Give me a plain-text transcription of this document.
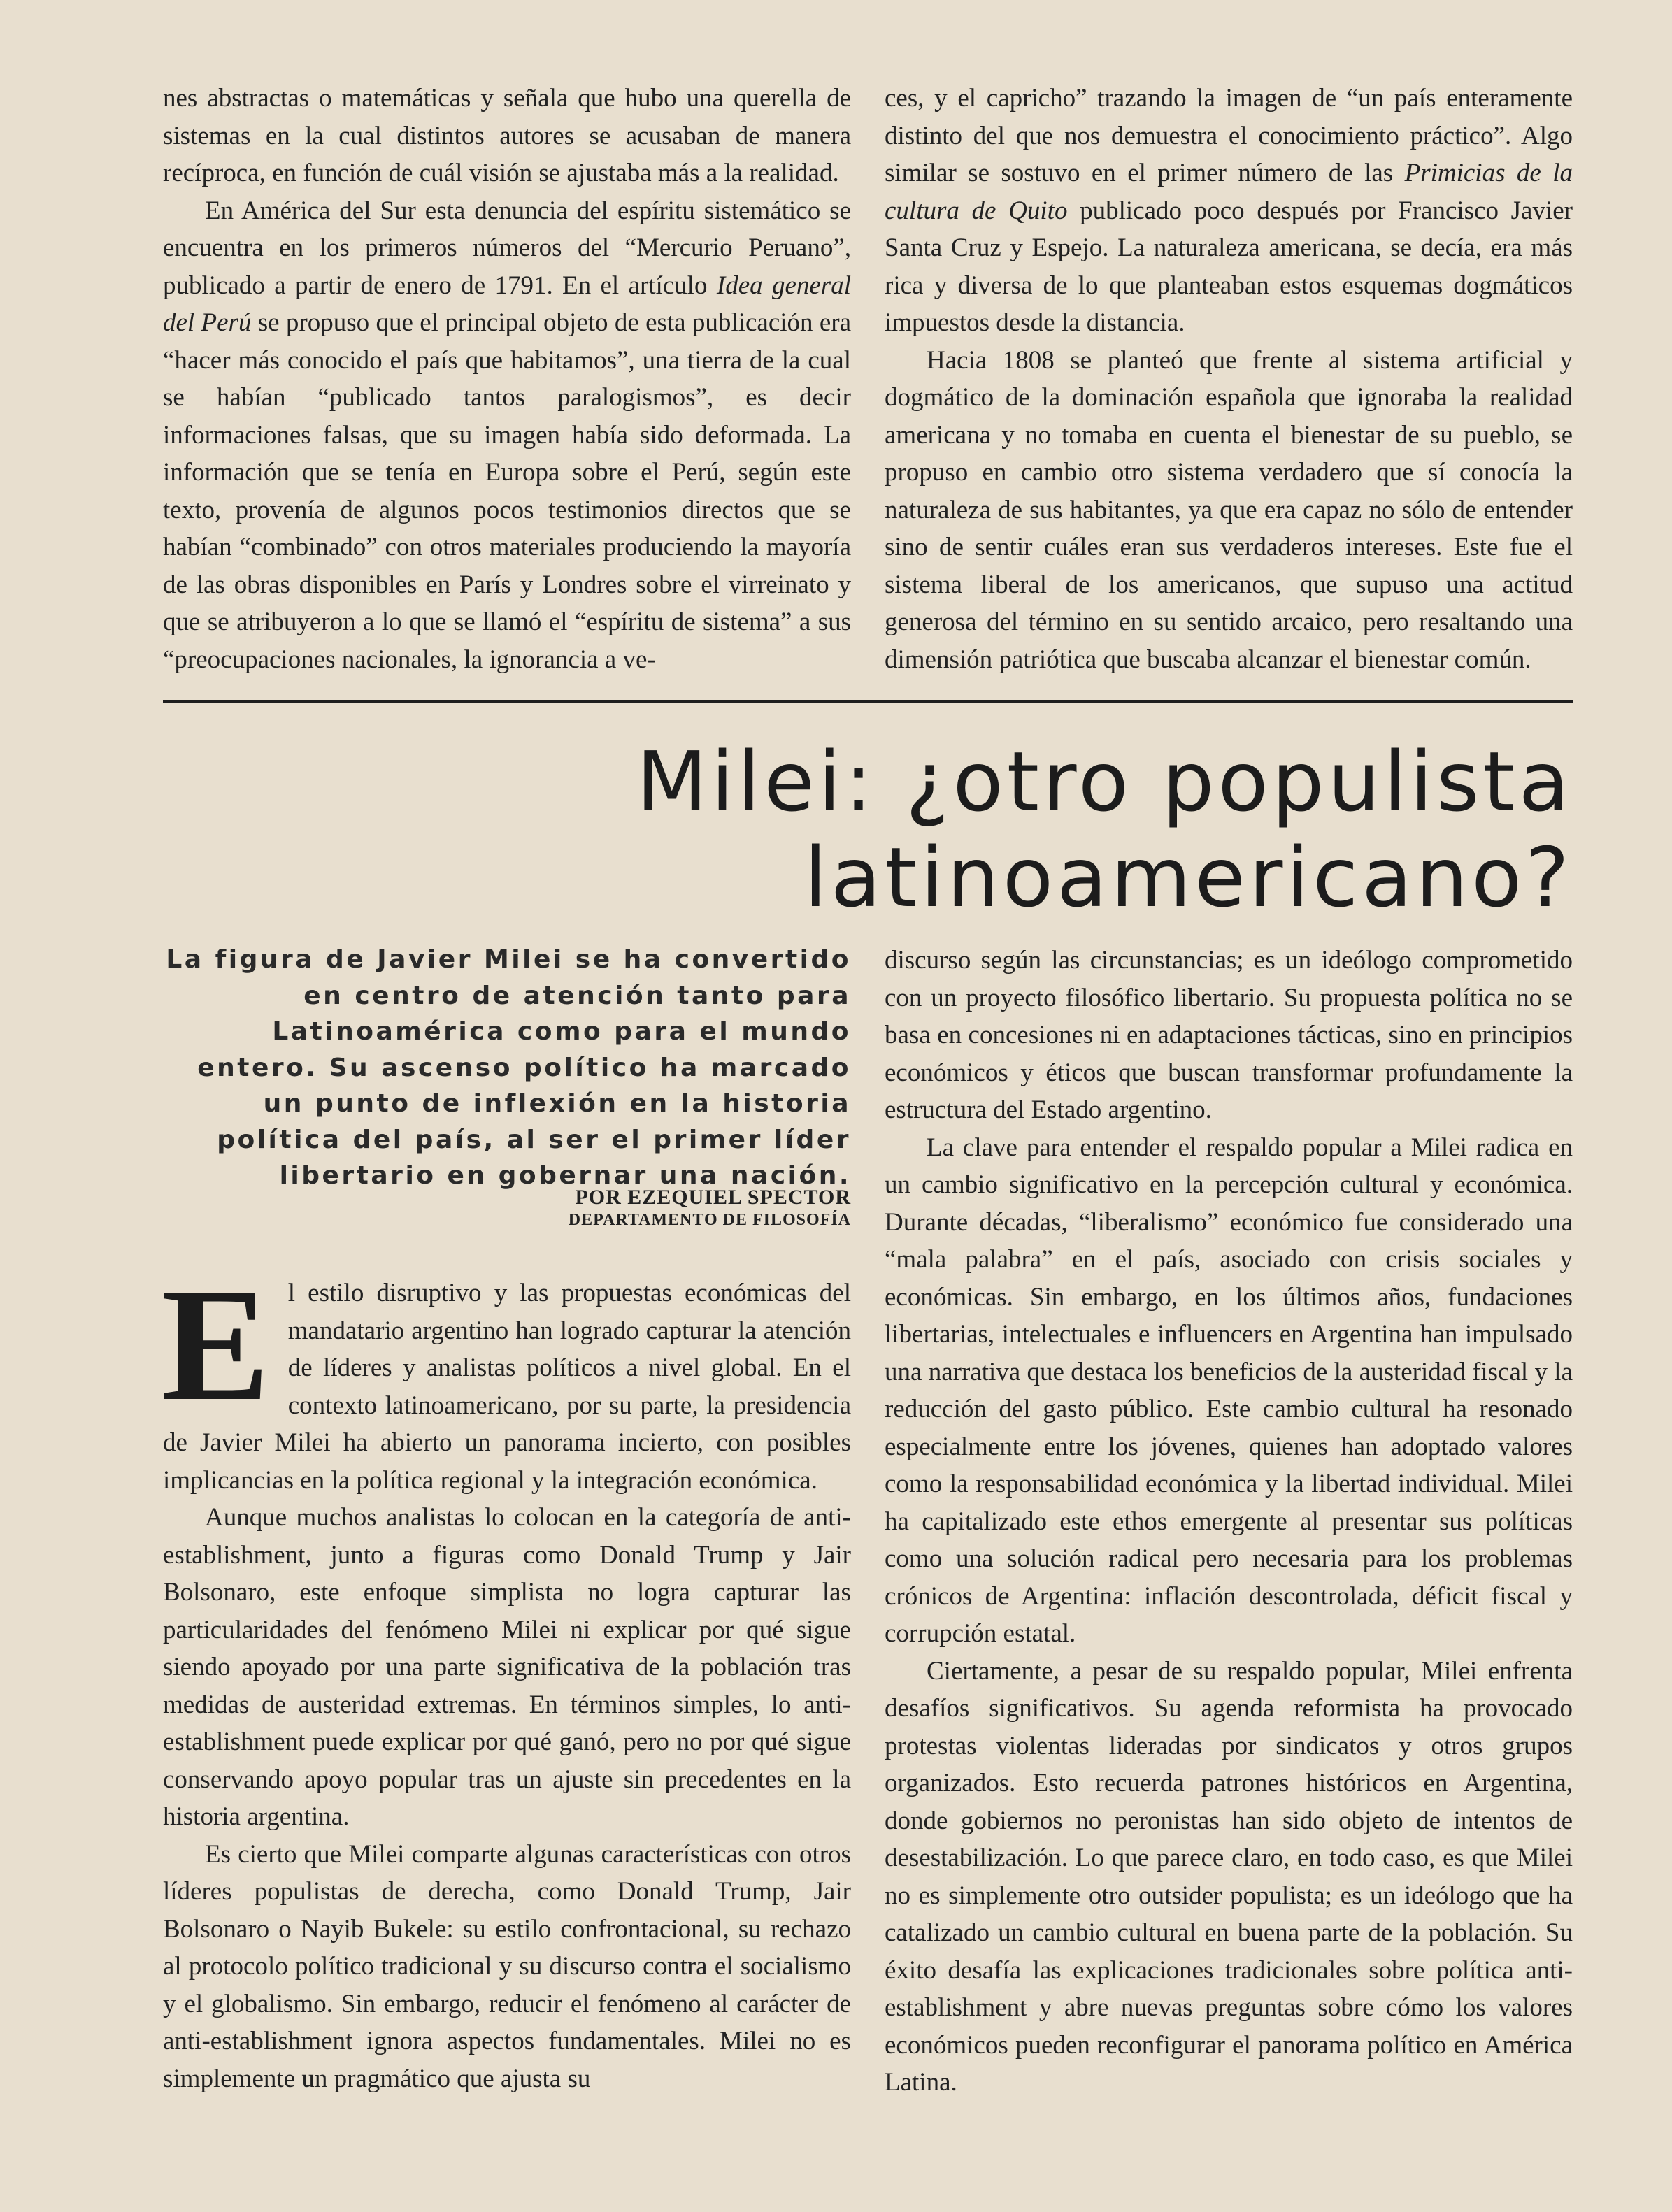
nes abstractas o matemáticas y señala que hubo una querella de sistemas en la cual distintos autores se acusaban de manera recíproca, en función de cuál visión se ajustaba más a la realidad.

En América del Sur esta denuncia del espíritu sistemático se encuentra en los primeros números del “Mercurio Peruano”, publicado a partir de enero de 1791. En el artículo Idea general del Perú se propuso que el principal objeto de esta publicación era “hacer más conocido el país que habitamos”, una tierra de la cual se habían “publicado tantos paralogismos”, es decir informaciones falsas, que su imagen había sido deformada. La información que se tenía en Europa sobre el Perú, según este texto, provenía de algunos pocos testimonios directos que se habían “combinado” con otros materiales produciendo la mayoría de las obras disponibles en París y Londres sobre el virreinato y que se atribuyeron a lo que se llamó el “espíritu de sistema” a sus “preocupaciones nacionales, la ignorancia a ve-

ces, y el capricho” trazando la imagen de “un país enteramente distinto del que nos demuestra el conocimiento práctico”. Algo similar se sostuvo en el primer número de las Primicias de la cultura de Quito publicado poco después por Francisco Javier Santa Cruz y Espejo. La naturaleza americana, se decía, era más rica y diversa de lo que planteaban estos esquemas dogmáticos impuestos desde la distancia.

Hacia 1808 se planteó que frente al sistema artificial y dogmático de la dominación española que ignoraba la realidad americana y no tomaba en cuenta el bienestar de su pueblo, se propuso en cambio otro sistema verdadero que sí conocía la naturaleza de sus habitantes, ya que era capaz no sólo de entender sino de sentir cuáles eran sus verdaderos intereses. Este fue el sistema liberal de los americanos, que supuso una actitud generosa del término en su sentido arcaico, pero resaltando una dimensión patriótica que buscaba alcanzar el bienestar común.

Milei: ¿otro populista
latinoamericano?
La figura de Javier Milei se ha convertido en centro de atención tanto para Latinoamérica como para el mundo entero. Su ascenso político ha marcado un punto de inflexión en la historia política del país, al ser el primer líder libertario en gobernar una nación.
POR EZEQUIEL SPECTOR
DEPARTAMENTO DE FILOSOFÍA

El estilo disruptivo y las propuestas económicas del mandatario argentino han logrado capturar la atención de líderes y analistas políticos a nivel global. En el contexto latinoamericano, por su parte, la presidencia de Javier Milei ha abierto un panorama incierto, con posibles implicancias en la política regional y la integración económica.

Aunque muchos analistas lo colocan en la categoría de anti-establishment, junto a figuras como Donald Trump y Jair Bolsonaro, este enfoque simplista no logra capturar las particularidades del fenómeno Milei ni explicar por qué sigue siendo apoyado por una parte significativa de la población tras medidas de austeridad extremas. En términos simples, lo anti-establishment puede explicar por qué ganó, pero no por qué sigue conservando apoyo popular tras un ajuste sin precedentes en la historia argentina.

Es cierto que Milei comparte algunas características con otros líderes populistas de derecha, como Donald Trump, Jair Bolsonaro o Nayib Bukele: su estilo confrontacional, su rechazo al protocolo político tradicional y su discurso contra el socialismo y el globalismo. Sin embargo, reducir el fenómeno al carácter de anti-establishment ignora aspectos fundamentales. Milei no es simplemente un pragmático que ajusta su

discurso según las circunstancias; es un ideólogo comprometido con un proyecto filosófico libertario. Su propuesta política no se basa en concesiones ni en adaptaciones tácticas, sino en principios económicos y éticos que buscan transformar profundamente la estructura del Estado argentino.

La clave para entender el respaldo popular a Milei radica en un cambio significativo en la percepción cultural y económica. Durante décadas, “liberalismo” económico fue considerado una “mala palabra” en el país, asociado con crisis sociales y económicas. Sin embargo, en los últimos años, fundaciones libertarias, intelectuales e influencers en Argentina han impulsado una narrativa que destaca los beneficios de la austeridad fiscal y la reducción del gasto público. Este cambio cultural ha resonado especialmente entre los jóvenes, quienes han adoptado valores como la responsabilidad económica y la libertad individual. Milei ha capitalizado este ethos emergente al presentar sus políticas como una solución radical pero necesaria para los problemas crónicos de Argentina: inflación descontrolada, déficit fiscal y corrupción estatal.

Ciertamente, a pesar de su respaldo popular, Milei enfrenta desafíos significativos. Su agenda reformista ha provocado protestas violentas lideradas por sindicatos y otros grupos organizados. Esto recuerda patrones históricos en Argentina, donde gobiernos no peronistas han sido objeto de intentos de desestabilización. Lo que parece claro, en todo caso, es que Milei no es simplemente otro outsider populista; es un ideólogo que ha catalizado un cambio cultural en buena parte de la población. Su éxito desafía las explicaciones tradicionales sobre política anti-establishment y abre nuevas preguntas sobre cómo los valores económicos pueden reconfigurar el panorama político en América Latina.
